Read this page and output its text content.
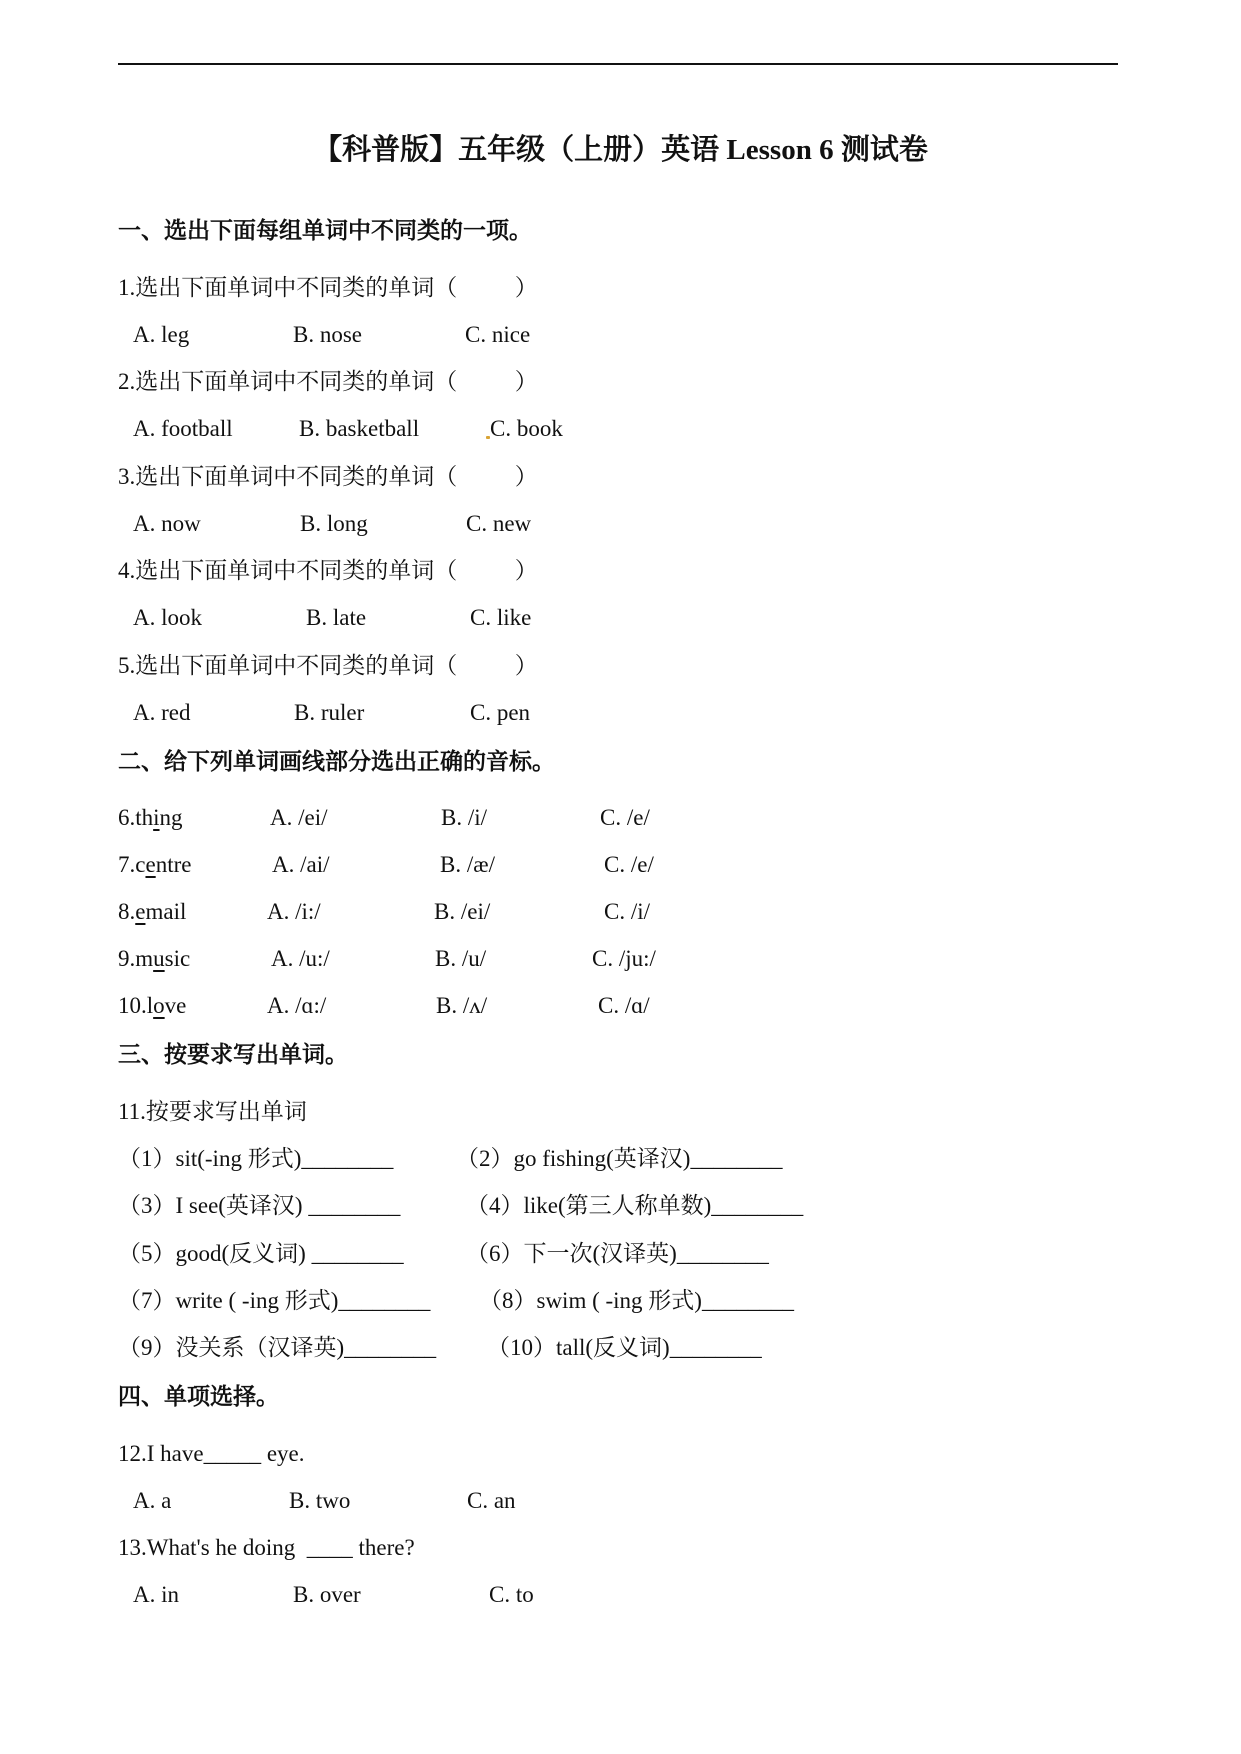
【科普版】五年级（上册）英语 Lesson 6 测试卷
一、选出下面每组单词中不同类的一项。
1.选出下面单词中不同类的单词（          ）
A. leg	B. nose	C. nice
2.选出下面单词中不同类的单词（          ）
A. football	B. basketball	C. book
3.选出下面单词中不同类的单词（          ）
A. now	B. long	C. new
4.选出下面单词中不同类的单词（          ）
A. look	B. late	C. like
5.选出下面单词中不同类的单词（          ）
A. red	B. ruler	C. pen
二、给下列单词画线部分选出正确的音标。
6.thing	A. /ei/	B. /i/	C. /e/
7.centre	A. /ai/	B. /æ/	C. /e/
8.email	A. /i:/	B. /ei/	C. /i/
9.music	A. /u:/	B. /u/	C. /ju:/
10.love	A. /ɑ:/	B. /ʌ/	C. /ɑ/
三、按要求写出单词。
11.按要求写出单词
（1）sit(-ing 形式)________	（2）go fishing(英译汉)________
（3）I see(英译汉) ________	（4）like(第三人称单数)________
（5）good(反义词) ________	（6）下一次(汉译英)________
（7）write ( -ing 形式)________ （8）swim ( -ing 形式)________
（9）没关系（汉译英)________ （10）tall(反义词)________
四、单项选择。
12.I have_____ eye.
A. a	B. two	C. an
13.What's he doing  ____ there?
A. in	B. over	C. to
